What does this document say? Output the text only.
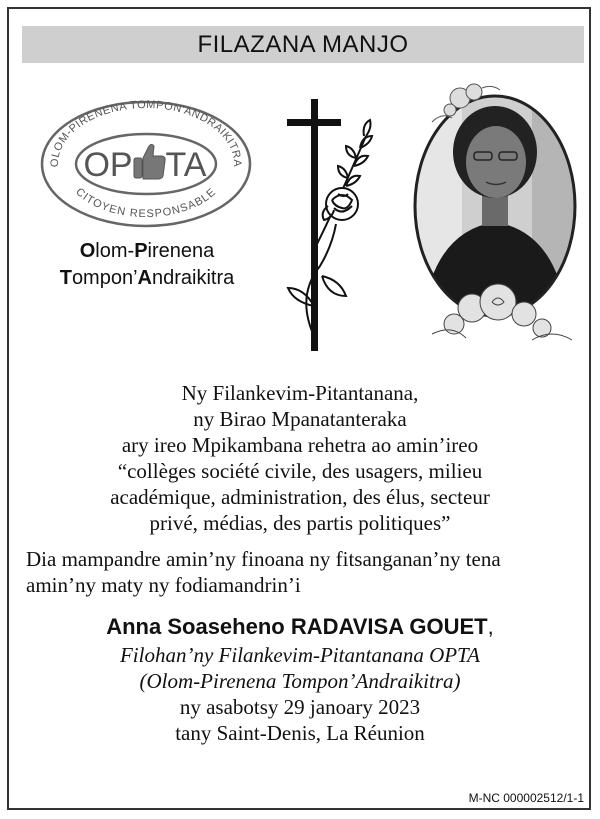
FILAZANA MANJO
OLOM-PIRENENA TOMPON'ANDRAIKITRA
CITOYEN RESPONSABLE
OP TA
Olom-Pirenena
Tompon’Andraikitra

Ny Filankevim-Pitantanana,

ny Birao Mpanatanteraka

ary ireo Mpikambana rehetra ao amin’ireo

“collèges société civile, des usagers, milieu

académique, administration, des élus, secteur

privé, médias, des partis politiques”

Dia mampandre amin’ny finoana ny fitsanganan’ny tena

amin’ny maty ny fodiamandrin’i

Anna Soaseheno RADAVISA GOUET,

Filohan’ny Filankevim-Pitantanana OPTA

(Olom-Pirenena Tompon’Andraikitra)

ny asabotsy 29 janoary 2023

tany Saint-Denis, La Réunion

M-NC 000002512/1-1
